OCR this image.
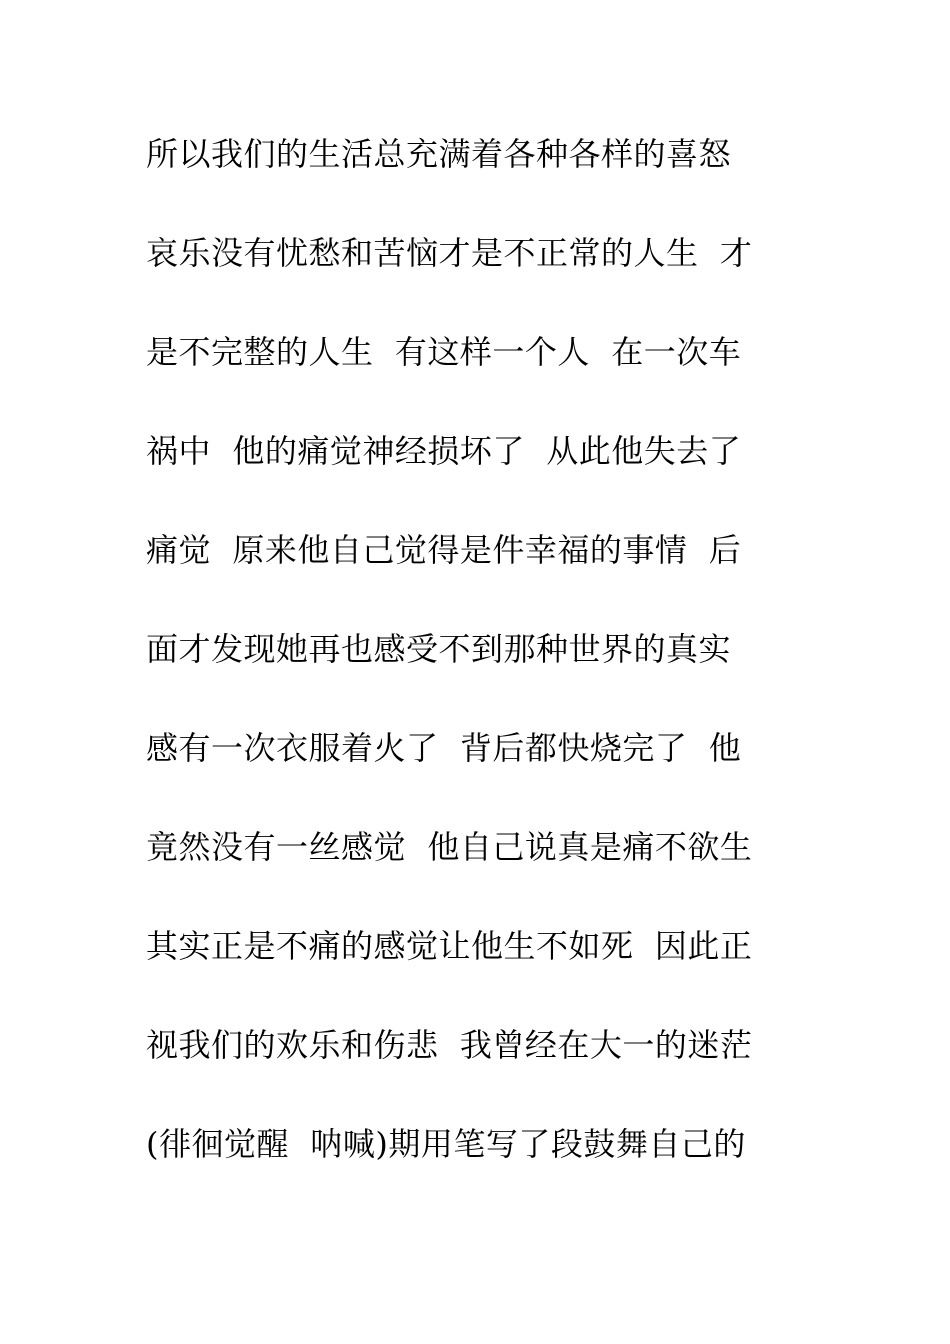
所以我们的生活总充满着各种各样的喜怒
哀乐没有忧愁和苦恼才是不正常的人生  才
是不完整的人生  有这样一个人  在一次车
祸中  他的痛觉神经损坏了  从此他失去了
痛觉  原来他自己觉得是件幸福的事情  后
面才发现她再也感受不到那种世界的真实
感有一次衣服着火了  背后都快烧完了  他
竟然没有一丝感觉  他自己说真是痛不欲生
其实正是不痛的感觉让他生不如死  因此正
视我们的欢乐和伤悲  我曾经在大一的迷茫
(徘徊觉醒  呐喊)期用笔写了段鼓舞自己的
